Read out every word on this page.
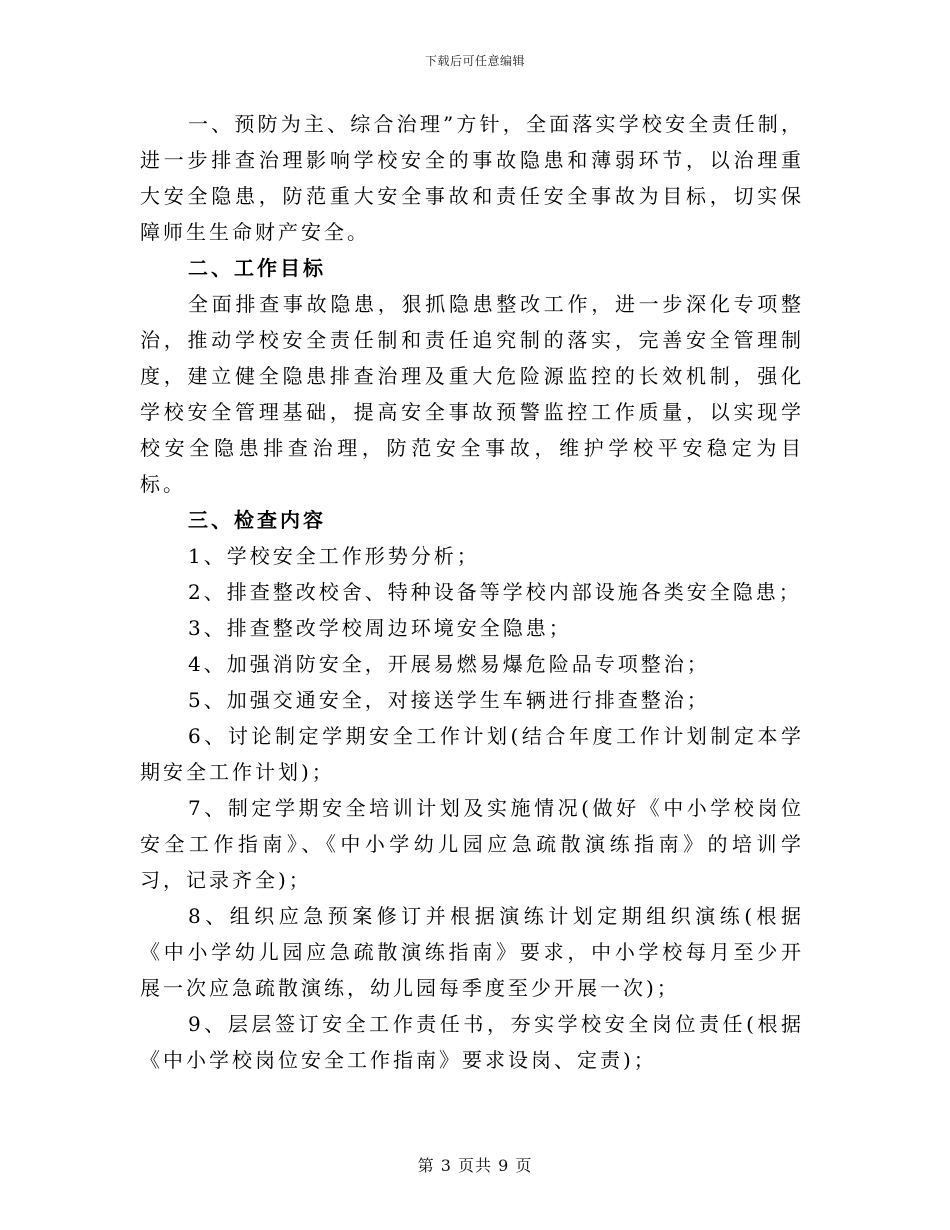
下载后可任意编辑

一、预防为主、综合治理”方针，全面落实学校安全责任制，进一步排查治理影响学校安全的事故隐患和薄弱环节，以治理重大安全隐患，防范重大安全事故和责任安全事故为目标，切实保障师生生命财产安全。

二、工作目标

全面排查事故隐患，狠抓隐患整改工作，进一步深化专项整治，推动学校安全责任制和责任追究制的落实，完善安全管理制度，建立健全隐患排查治理及重大危险源监控的长效机制，强化学校安全管理基础，提高安全事故预警监控工作质量，以实现学校安全隐患排查治理，防范安全事故，维护学校平安稳定为目标。

三、检查内容

1、学校安全工作形势分析；

2、排查整改校舍、特种设备等学校内部设施各类安全隐患；

3、排查整改学校周边环境安全隐患；

4、加强消防安全，开展易燃易爆危险品专项整治；

5、加强交通安全，对接送学生车辆进行排查整治；

6、讨论制定学期安全工作计划(结合年度工作计划制定本学期安全工作计划)；

7、制定学期安全培训计划及实施情况(做好《中小学校岗位安全工作指南》、《中小学幼儿园应急疏散演练指南》的培训学习，记录齐全)；

8、组织应急预案修订并根据演练计划定期组织演练(根据《中小学幼儿园应急疏散演练指南》要求，中小学校每月至少开展一次应急疏散演练，幼儿园每季度至少开展一次)；

9、层层签订安全工作责任书，夯实学校安全岗位责任(根据《中小学校岗位安全工作指南》要求设岗、定责)；

第 3 页共 9 页
